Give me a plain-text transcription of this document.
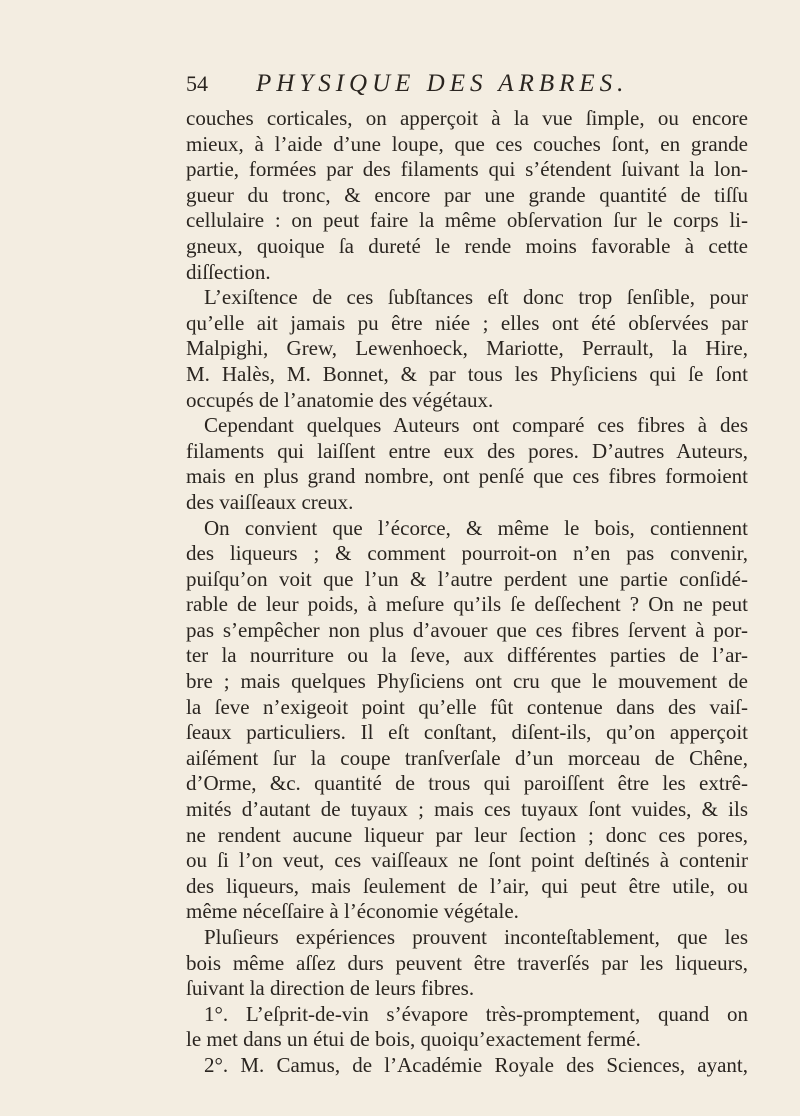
54	PHYSIQUE DES ARBRES.
couches corticales, on apperçoit à la vue ſimple, ou encore
mieux, à l’aide d’une loupe, que ces couches ſont, en grande
partie, formées par des filaments qui s’étendent ſuivant la lon-
gueur du tronc, & encore par une grande quantité de tiſſu
cellulaire : on peut faire la même obſervation ſur le corps li-
gneux, quoique ſa dureté le rende moins favorable à cette
diſſection.
L’exiſtence de ces ſubſtances eſt donc trop ſenſible, pour
qu’elle ait jamais pu être niée ; elles ont été obſervées par
Malpighi, Grew, Lewenhoeck, Mariotte, Perrault, la Hire,
M. Halès, M. Bonnet, & par tous les Phyſiciens qui ſe ſont
occupés de l’anatomie des végétaux.
Cependant quelques Auteurs ont comparé ces fibres à des
filaments qui laiſſent entre eux des pores. D’autres Auteurs,
mais en plus grand nombre, ont penſé que ces fibres formoient
des vaiſſeaux creux.
On convient que l’écorce, & même le bois, contiennent
des liqueurs ; & comment pourroit-on n’en pas convenir,
puiſqu’on voit que l’un & l’autre perdent une partie conſidé-
rable de leur poids, à meſure qu’ils ſe deſſechent ? On ne peut
pas s’empêcher non plus d’avouer que ces fibres ſervent à por-
ter la nourriture ou la ſeve, aux différentes parties de l’ar-
bre ; mais quelques Phyſiciens ont cru que le mouvement de
la ſeve n’exigeoit point qu’elle fût contenue dans des vaiſ-
ſeaux particuliers. Il eſt conſtant, diſent-ils, qu’on apperçoit
aiſément ſur la coupe tranſverſale d’un morceau de Chêne,
d’Orme, &c. quantité de trous qui paroiſſent être les extrê-
mités d’autant de tuyaux ; mais ces tuyaux ſont vuides, & ils
ne rendent aucune liqueur par leur ſection ; donc ces pores,
ou ſi l’on veut, ces vaiſſeaux ne ſont point deſtinés à contenir
des liqueurs, mais ſeulement de l’air, qui peut être utile, ou
même néceſſaire à l’économie végétale.
Pluſieurs expériences prouvent inconteſtablement, que les
bois même aſſez durs peuvent être traverſés par les liqueurs,
ſuivant la direction de leurs fibres.
1°. L’eſprit-de-vin s’évapore très-promptement, quand on
le met dans un étui de bois, quoiqu’exactement fermé.
2°. M. Camus, de l’Académie Royale des Sciences, ayant,
